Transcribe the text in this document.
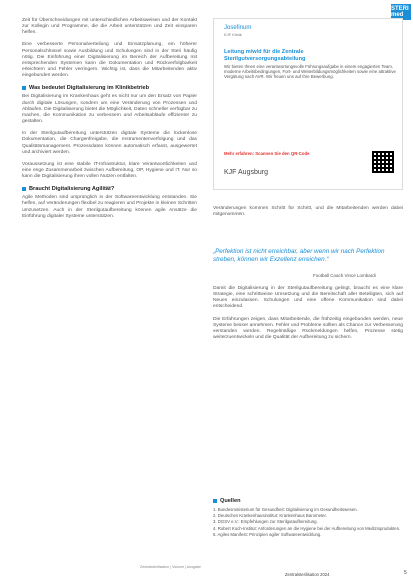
STERI med

Zeit für Überschneidungen mit unterschiedlichen Arbeitsweisen und der Kontakt zur Kollegin und Programme, die die Arbeit unterstützen und Zeit einsparen helfen.

Eine verbesserte Personalverteilung und Einsatzplanung, ein höherer Personalschlüssel sowie Ausbildung und Schulungen sind in der Steri häufig nötig. Die Einführung einer Digitalisierung im Bereich der Aufbereitung mit entsprechenden Systemen kann die Dokumentation und Rückverfolgbarkeit erleichtern und Fehler verringern. Wichtig ist, dass die Mitarbeitenden aktiv eingebunden werden.

Was bedeutet Digitalisierung im Klinikbetrieb

Bei Digitalisierung im Krankenhaus geht es nicht nur um den Ersatz von Papier durch digitale Lösungen, sondern um eine Veränderung von Prozessen und Abläufen. Die Digitalisierung bietet die Möglichkeit, Daten schneller verfügbar zu machen, die Kommunikation zu verbessern und Arbeitsabläufe effizienter zu gestalten.

In der Sterilgutaufbereitung unterstützen digitale Systeme die lückenlose Dokumentation, die Chargenfreigabe, die Instrumentenverfolgung und das Qualitätsmanagement. Prozessdaten können automatisch erfasst, ausgewertet und archiviert werden.

Voraussetzung ist eine stabile IT-Infrastruktur, klare Verantwortlichkeiten und eine enge Zusammenarbeit zwischen Aufbereitung, OP, Hygiene und IT. Nur so kann die Digitalisierung ihren vollen Nutzen entfalten.

Braucht Digitalisierung Agilität?

Agile Methoden sind ursprünglich in der Softwareentwicklung entstanden. Sie helfen, auf Veränderungen flexibel zu reagieren und Projekte in kleinen Schritten umzusetzen. Auch in der Sterilgutaufbereitung können agile Ansätze die Einführung digitaler Systeme unterstützen.

Josefinum
KJF Klinik
Leitung m/w/d für die Zentrale
Sterilgutversorgungsabteilung
Wir bieten Ihnen eine verantwortungsvolle Führungsaufgabe in einem engagierten Team, moderne Arbeitsbedingungen, Fort- und Weiterbildungsmöglichkeiten sowie eine attraktive Vergütung nach AVR. Wir freuen uns auf Ihre Bewerbung.
Mehr erfahren: Scannen Sie den QR-Code
KJF Augsburg

Veränderungen kommen Schritt für Schritt, und die Mitarbeitenden werden dabei mitgenommen.

„Perfektion ist nicht erreichbar, aber wenn wir nach Perfektion streben, können wir Exzellenz erreichen.“
Football Coach Vince Lombardi

Damit die Digitalisierung in der Sterilgutaufbereitung gelingt, braucht es eine klare Strategie, eine schrittweise Umsetzung und die Bereitschaft aller Beteiligten, sich auf Neues einzulassen. Schulungen und eine offene Kommunikation sind dabei entscheidend.

Die Erfahrungen zeigen, dass Mitarbeitende, die frühzeitig eingebunden werden, neue Systeme besser annehmen. Fehler und Probleme sollten als Chance zur Verbesserung verstanden werden. Regelmäßige Rückmeldungen helfen, Prozesse stetig weiterzuentwickeln und die Qualität der Aufbereitung zu sichern.

Quellen
1. Bundesministerium für Gesundheit: Digitalisierung im Gesundheitswesen.
2. Deutsches Krankenhausinstitut: Krankenhaus Barometer.
3. DGSV e.V.: Empfehlungen zur Sterilgutaufbereitung.
4. Robert Koch-Institut: Anforderungen an die Hygiene bei der Aufbereitung von Medizinprodukten.
5. Agiles Manifest: Prinzipien agiler Softwareentwicklung.
Zentralsterilisation | Volume | Ausgabe
Zentralsterilisation 2024	5
